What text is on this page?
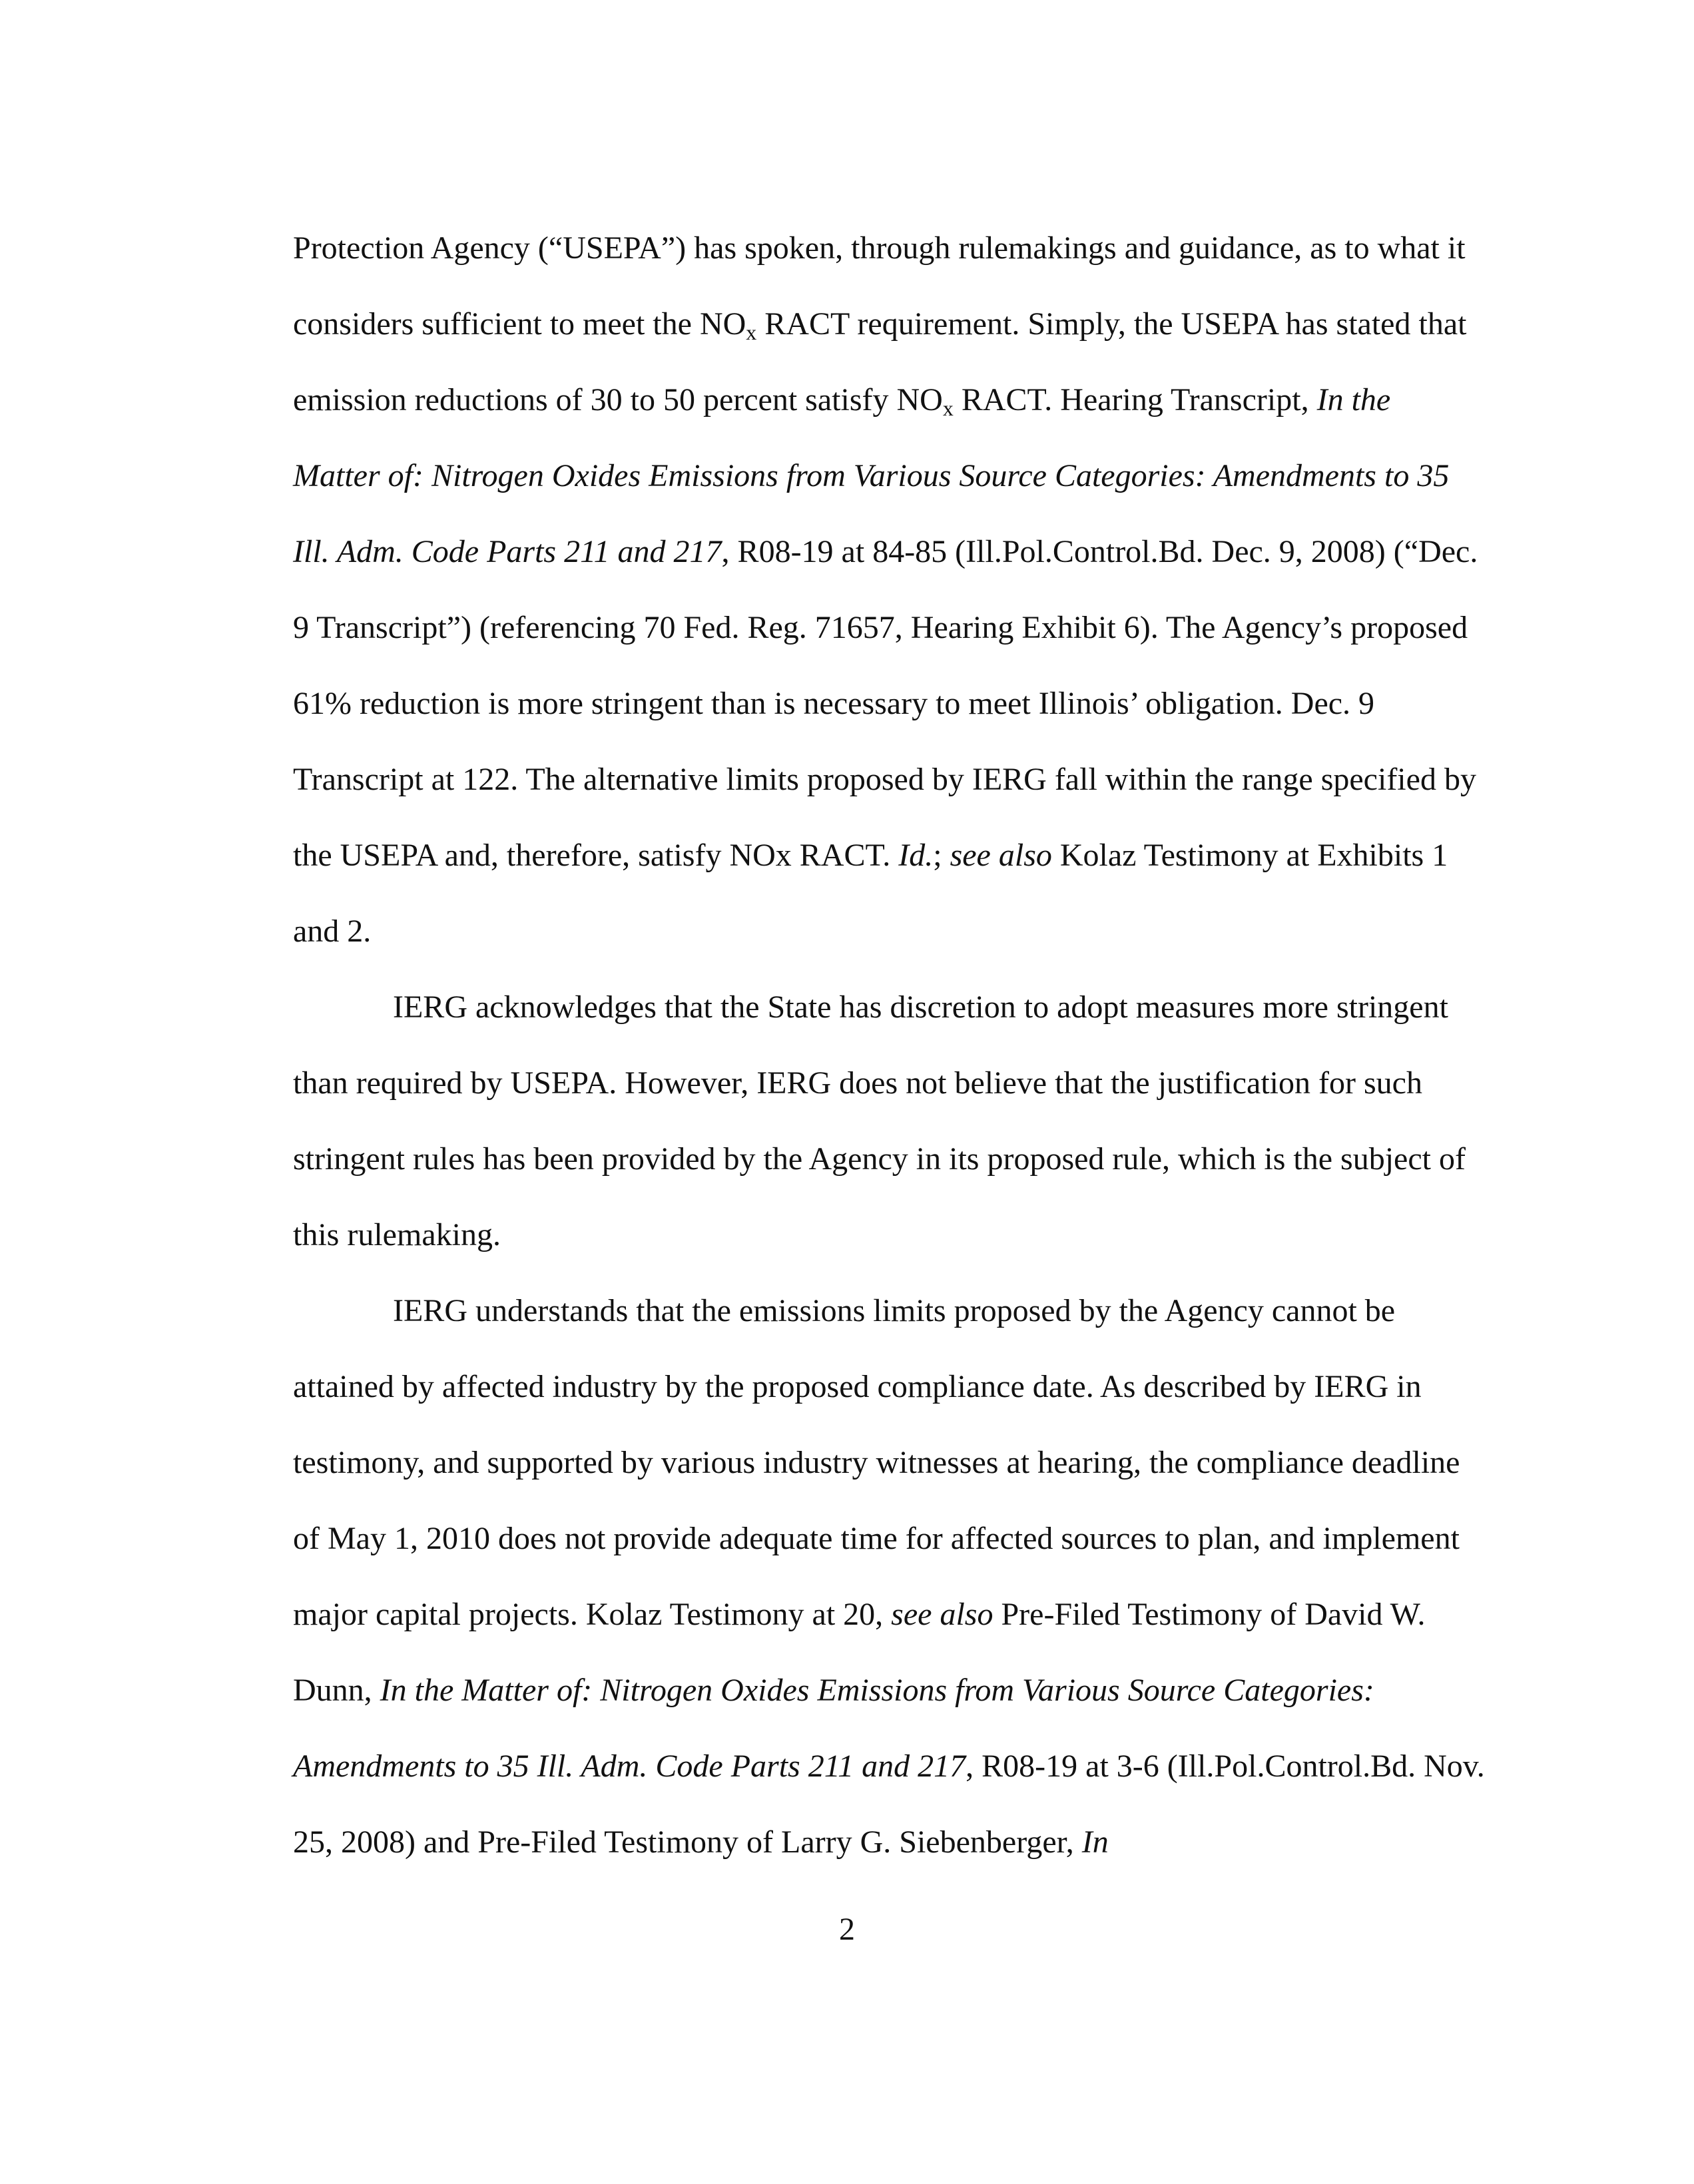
Protection Agency (“USEPA”) has spoken, through rulemakings and guidance, as to what it considers sufficient to meet the $NO_x$ RACT requirement. Simply, the USEPA has stated that emission reductions of 30 to 50 percent satisfy $NO_x$ RACT. Hearing Transcript, In the Matter of: Nitrogen Oxides Emissions from Various Source Categories: Amendments to 35 Ill. Adm. Code Parts 211 and 217, R08-19 at 84-85 (Ill.Pol.Control.Bd. Dec. 9, 2008) (“Dec. 9 Transcript”) (referencing 70 Fed. Reg. 71657, Hearing Exhibit 6). The Agency’s proposed 61% reduction is more stringent than is necessary to meet Illinois’ obligation. Dec. 9 Transcript at 122. The alternative limits proposed by IERG fall within the range specified by the USEPA and, therefore, satisfy NOx RACT. Id.; see also Kolaz Testimony at Exhibits 1 and 2.

IERG acknowledges that the State has discretion to adopt measures more stringent than required by USEPA. However, IERG does not believe that the justification for such stringent rules has been provided by the Agency in its proposed rule, which is the subject of this rulemaking.

IERG understands that the emissions limits proposed by the Agency cannot be attained by affected industry by the proposed compliance date. As described by IERG in testimony, and supported by various industry witnesses at hearing, the compliance deadline of May 1, 2010 does not provide adequate time for affected sources to plan, and implement major capital projects. Kolaz Testimony at 20, see also Pre-Filed Testimony of David W. Dunn, In the Matter of: Nitrogen Oxides Emissions from Various Source Categories: Amendments to 35 Ill. Adm. Code Parts 211 and 217, R08-19 at 3-6 (Ill.Pol.Control.Bd. Nov. 25, 2008) and Pre-Filed Testimony of Larry G. Siebenberger, In

2
